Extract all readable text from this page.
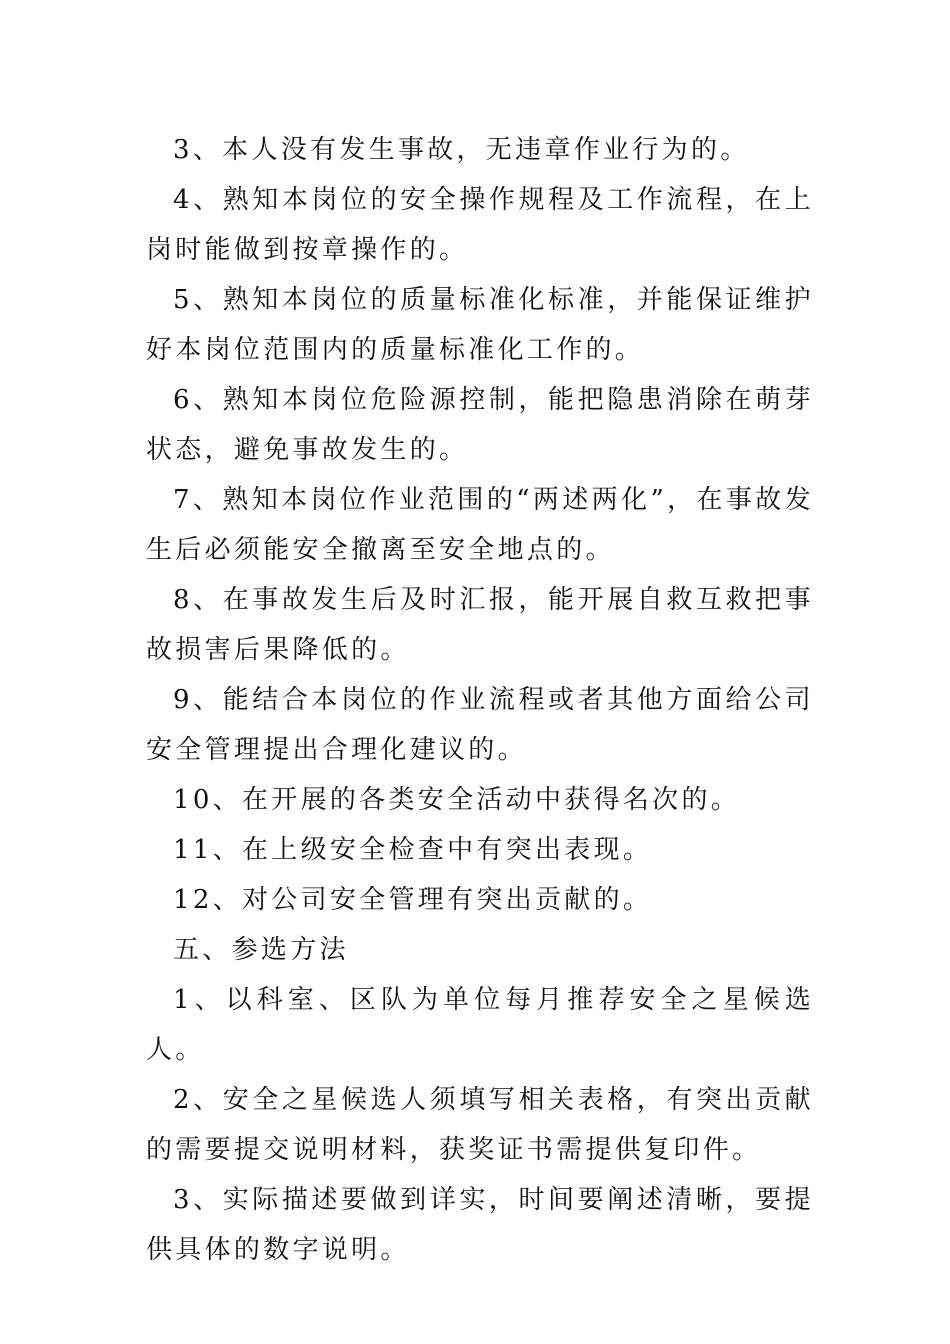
3、本人没有发生事故，无违章作业行为的。

4、熟知本岗位的安全操作规程及工作流程，在上岗时能做到按章操作的。

5、熟知本岗位的质量标准化标准，并能保证维护好本岗位范围内的质量标准化工作的。

6、熟知本岗位危险源控制，能把隐患消除在萌芽状态，避免事故发生的。

7、熟知本岗位作业范围的“两述两化”，在事故发生后必须能安全撤离至安全地点的。

8、在事故发生后及时汇报，能开展自救互救把事故损害后果降低的。

9、能结合本岗位的作业流程或者其他方面给公司安全管理提出合理化建议的。

10、在开展的各类安全活动中获得名次的。

11、在上级安全检查中有突出表现。

12、对公司安全管理有突出贡献的。

五、参选方法

1、以科室、区队为单位每月推荐安全之星候选人。

2、安全之星候选人须填写相关表格，有突出贡献的需要提交说明材料，获奖证书需提供复印件。

3、实际描述要做到详实，时间要阐述清晰，要提供具体的数字说明。
